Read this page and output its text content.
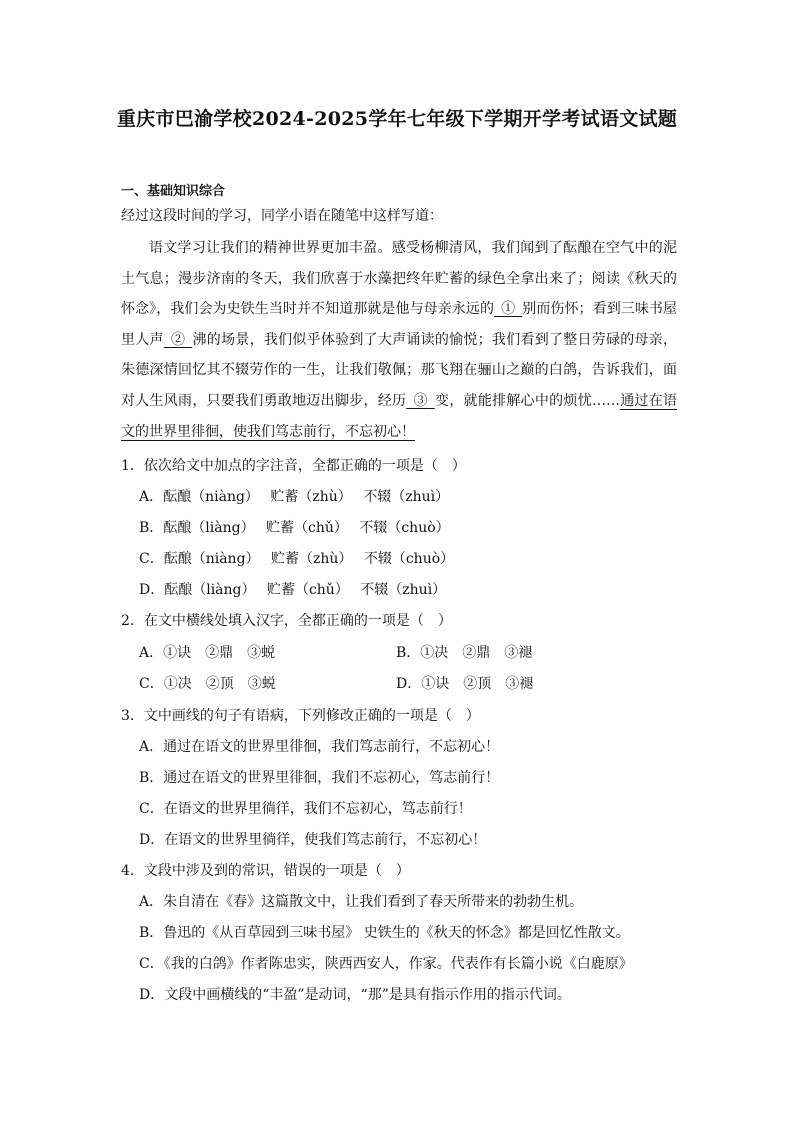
重庆市巴渝学校2024-2025学年七年级下学期开学考试语文试题
一、基础知识综合
经过这段时间的学习，同学小语在随笔中这样写道：

语文学习让我们的精神世界更加丰盈。感受杨柳清风，我们闻到了酝酿在空气中的泥土气息；漫步济南的冬天，我们欣喜于水藻把终年贮蓄的绿色全拿出来了；阅读《秋天的怀念》，我们会为史铁生当时并不知道那就是他与母亲永远的  ①  别而伤怀；看到三味书屋里人声  ②  沸的场景，我们似乎体验到了大声诵读的愉悦；我们看到了整日劳碌的母亲，朱德深情回忆其不辍劳作的一生，让我们敬佩；那飞翔在骊山之巅的白鸽，告诉我们，面对人生风雨，只要我们勇敢地迈出脚步，经历  ③  变，就能排解心中的烦忧……通过在语文的世界里徘徊，使我们笃志前行，不忘初心！

1．依次给文中加点的字注音，全都正确的一项是（　）
A．酝酿（niàng）　 贮蓄（zhù）　 不辍（zhuì）
B．酝酿（liàng）　 贮蓄（chǔ）　 不辍（chuò）
C．酝酿（niàng）　 贮蓄（zhù）　 不辍（chuò）
D．酝酿（liàng）　 贮蓄（chǔ）　 不辍（zhuì）
2．在文中横线处填入汉字，全都正确的一项是（　）
A．①诀　②鼎　③蜕	B．①决　②鼎　③褪
C．①决　②顶　③蜕	D．①诀　②顶　③褪
3．文中画线的句子有语病，下列修改正确的一项是（　）
A．通过在语文的世界里徘徊，我们笃志前行，不忘初心！
B．通过在语文的世界里徘徊，我们不忘初心，笃志前行！
C．在语文的世界里徜徉，我们不忘初心，笃志前行！
D．在语文的世界里徜徉，使我们笃志前行，不忘初心！
4．文段中涉及到的常识，错误的一项是（　）
A．朱自清在《春》这篇散文中，让我们看到了春天所带来的勃勃生机。
B．鲁迅的《从百草园到三味书屋》 史铁生的《秋天的怀念》都是回忆性散文。
C．《我的白鸽》作者陈忠实，陕西西安人，作家。代表作有长篇小说《白鹿原》
D．文段中画横线的“丰盈”是动词，“那”是具有指示作用的指示代词。
